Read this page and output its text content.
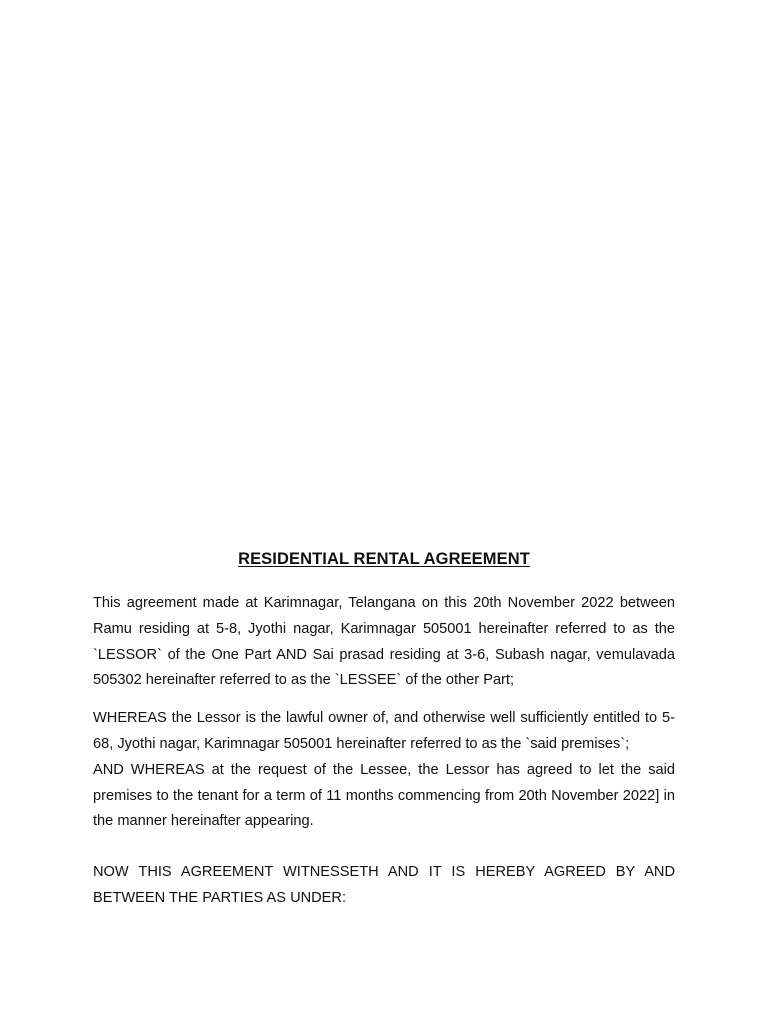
RESIDENTIAL RENTAL AGREEMENT

This agreement made at Karimnagar, Telangana on this 20th November 2022 between Ramu residing at 5-8, Jyothi nagar, Karimnagar 505001 hereinafter referred to as the `LESSOR` of the One Part AND Sai prasad residing at 3-6, Subash nagar, vemulavada 505302 hereinafter referred to as the `LESSEE` of the other Part;

WHEREAS the Lessor is the lawful owner of, and otherwise well sufficiently entitled to 5-68, Jyothi nagar, Karimnagar 505001 hereinafter referred to as the `said premises`;

AND WHEREAS at the request of the Lessee, the Lessor has agreed to let the said premises to the tenant for a term of 11 months commencing from 20th November 2022] in the manner hereinafter appearing.

NOW THIS AGREEMENT WITNESSETH AND IT IS HEREBY AGREED BY AND BETWEEN THE PARTIES AS UNDER:
